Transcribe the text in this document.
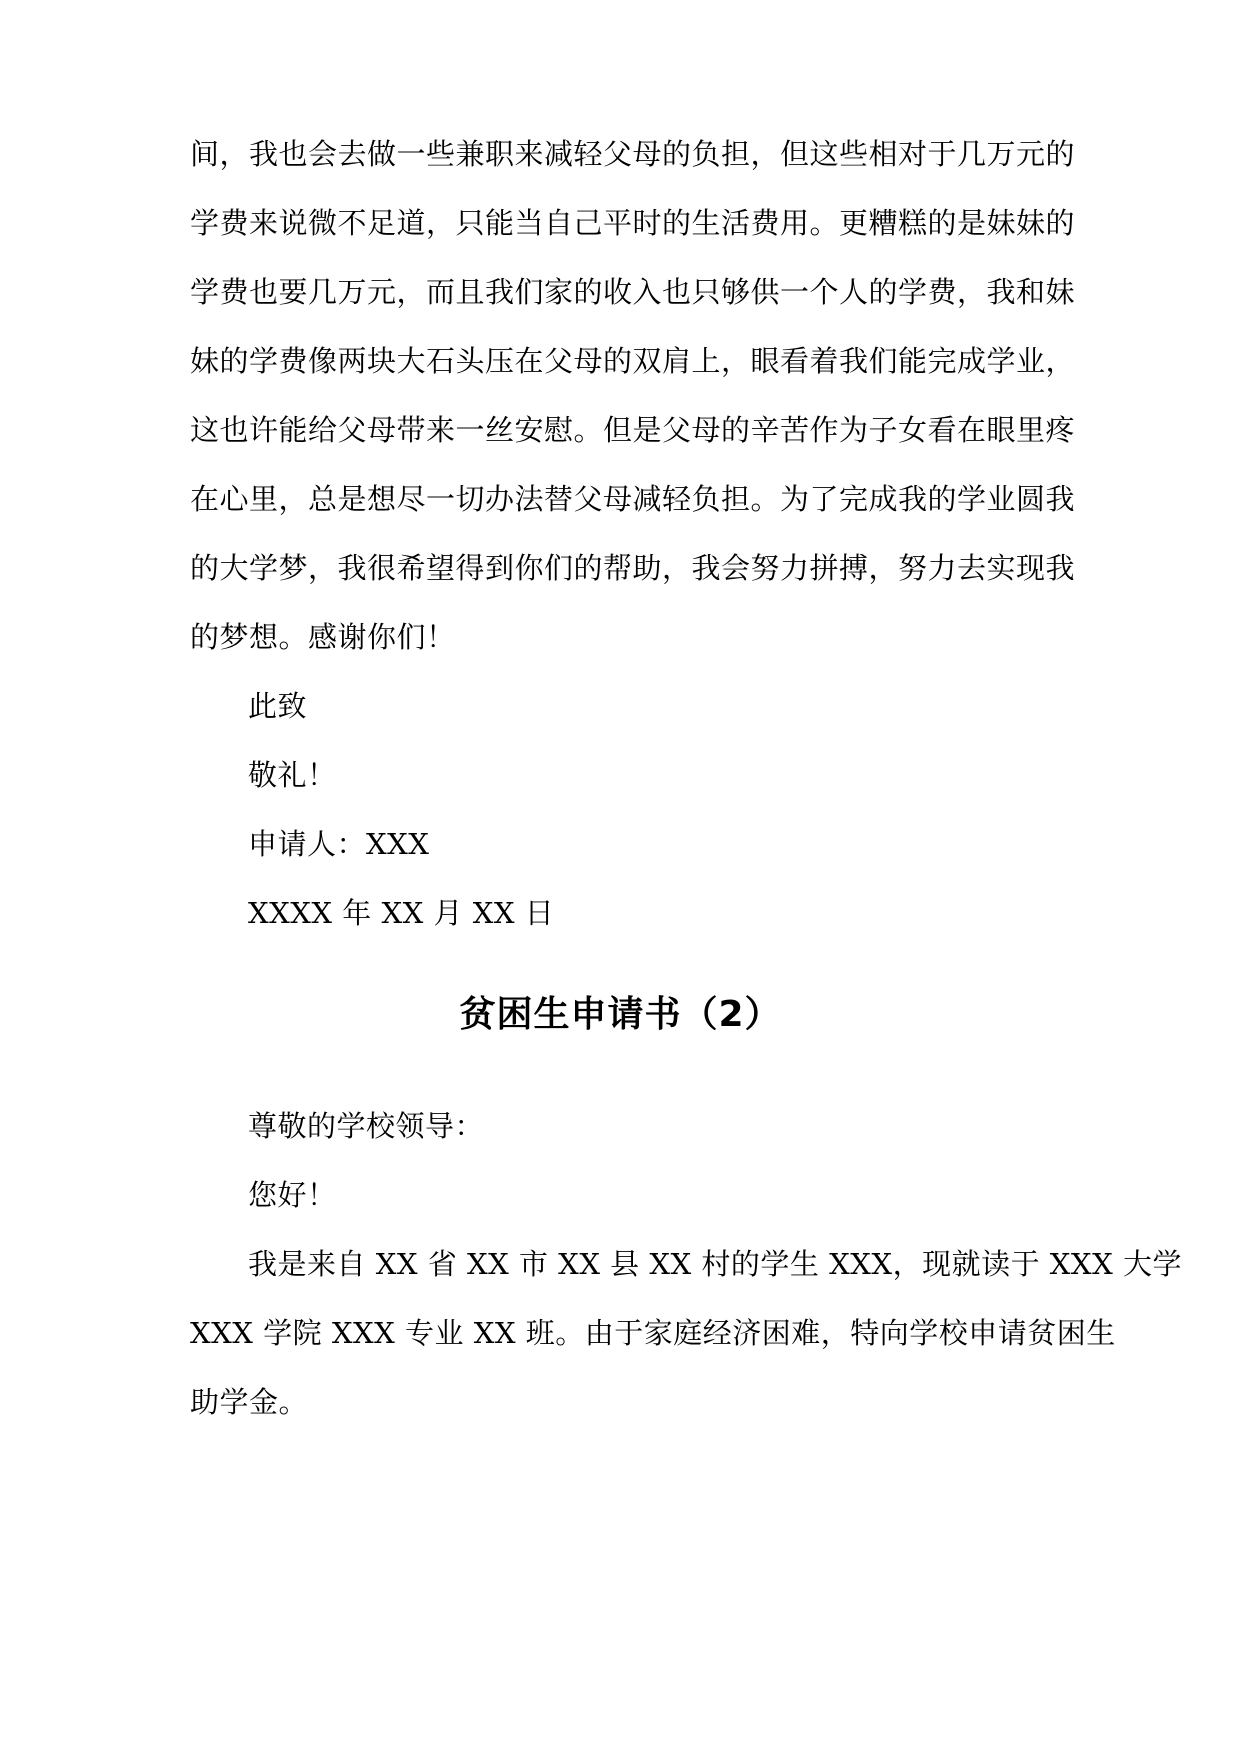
间，我也会去做一些兼职来减轻父母的负担，但这些相对于几万元的
学费来说微不足道，只能当自己平时的生活费用。更糟糕的是妹妹的
学费也要几万元，而且我们家的收入也只够供一个人的学费，我和妹
妹的学费像两块大石头压在父母的双肩上，眼看着我们能完成学业，
这也许能给父母带来一丝安慰。但是父母的辛苦作为子女看在眼里疼
在心里，总是想尽一切办法替父母减轻负担。为了完成我的学业圆我
的大学梦，我很希望得到你们的帮助，我会努力拼搏，努力去实现我
的梦想。感谢你们！
此致
敬礼！
申请人：XXX
XXXX 年 XX 月 XX 日
贫困生申请书（2）
尊敬的学校领导：
您好！
我是来自 XX 省 XX 市 XX 县 XX 村的学生 XXX，现就读于 XXX 大学
XXX 学院 XXX 专业 XX 班。由于家庭经济困难，特向学校申请贫困生
助学金。
